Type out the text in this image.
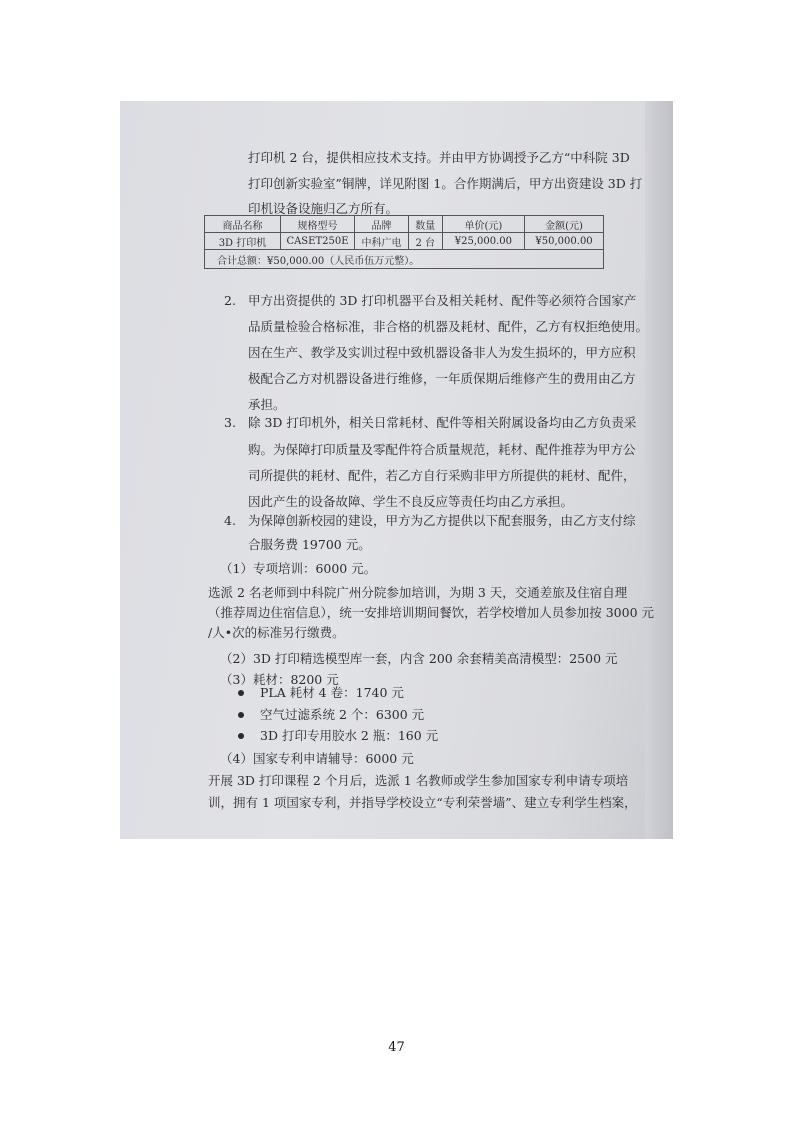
打印机 2 台，提供相应技术支持。并由甲方协调授予乙方“中科院 3D
打印创新实验室”铜牌，详见附图 1。合作期满后，甲方出资建设 3D 打
印机设备设施归乙方所有。
商品名称	规格型号	品牌	数量	单价(元)	金额(元)
3D 打印机	CASET250E	中科广电	2 台	¥25,000.00	¥50,000.00
合计总额：¥50,000.00（人民币伍万元整）。					
2. 甲方出资提供的 3D 打印机器平台及相关耗材、配件等必须符合国家产
品质量检验合格标准，非合格的机器及耗材、配件，乙方有权拒绝使用。
因在生产、教学及实训过程中致机器设备非人为发生损坏的，甲方应积
极配合乙方对机器设备进行维修，一年质保期后维修产生的费用由乙方
承担。
3. 除 3D 打印机外，相关日常耗材、配件等相关附属设备均由乙方负责采
购。为保障打印质量及零配件符合质量规范，耗材、配件推荐为甲方公
司所提供的耗材、配件，若乙方自行采购非甲方所提供的耗材、配件，
因此产生的设备故障、学生不良反应等责任均由乙方承担。
4. 为保障创新校园的建设，甲方为乙方提供以下配套服务，由乙方支付综
合服务费 19700 元。
（1）专项培训：6000 元。
选派 2 名老师到中科院广州分院参加培训，为期 3 天，交通差旅及住宿自理
（推荐周边住宿信息），统一安排培训期间餐饮，若学校增加人员参加按 3000 元
/人•次的标准另行缴费。
（2）3D 打印精选模型库一套，内含 200 余套精美高清模型：2500 元
（3）耗材：8200 元
PLA 耗材 4 卷：1740 元
空气过滤系统 2 个：6300 元
3D 打印专用胶水 2 瓶：160 元
（4）国家专利申请辅导：6000 元
开展 3D 打印课程 2 个月后，选派 1 名教师或学生参加国家专利申请专项培
训，拥有 1 项国家专利，并指导学校设立“专利荣誉墙”、建立专利学生档案，
47
